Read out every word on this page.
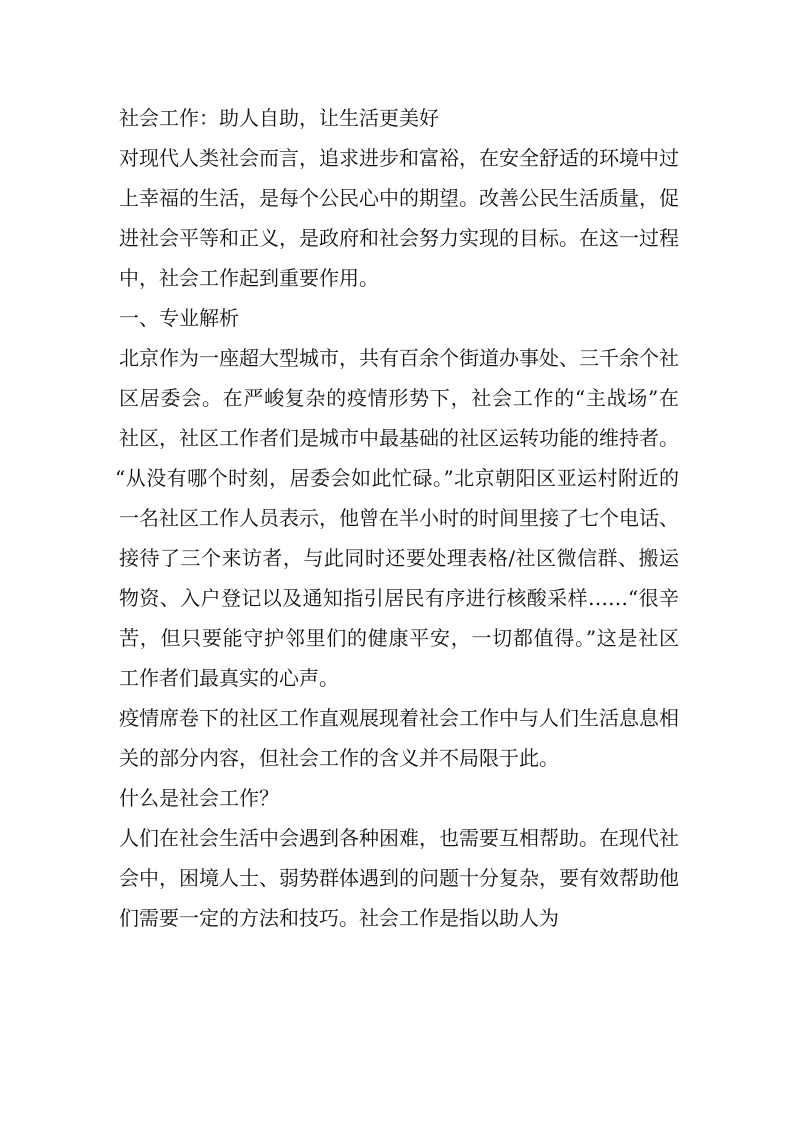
社会工作：助人自助，让生活更美好

对现代人类社会而言，追求进步和富裕，在安全舒适的环境中过上幸福的生活，是每个公民心中的期望。改善公民生活质量，促进社会平等和正义，是政府和社会努力实现的目标。在这一过程中，社会工作起到重要作用。

一、专业解析

北京作为一座超大型城市，共有百余个街道办事处、三千余个社区居委会。在严峻复杂的疫情形势下，社会工作的“主战场”在社区，社区工作者们是城市中最基础的社区运转功能的维持者。

“从没有哪个时刻，居委会如此忙碌。”北京朝阳区亚运村附近的一名社区工作人员表示，他曾在半小时的时间里接了七个电话、接待了三个来访者，与此同时还要处理表格/社区微信群、搬运物资、入户登记以及通知指引居民有序进行核酸采样……“很辛苦，但只要能守护邻里们的健康平安，一切都值得。”这是社区工作者们最真实的心声。

疫情席卷下的社区工作直观展现着社会工作中与人们生活息息相关的部分内容，但社会工作的含义并不局限于此。

什么是社会工作？

人们在社会生活中会遇到各种困难，也需要互相帮助。在现代社会中，困境人士、弱势群体遇到的问题十分复杂，要有效帮助他们需要一定的方法和技巧。社会工作是指以助人为
